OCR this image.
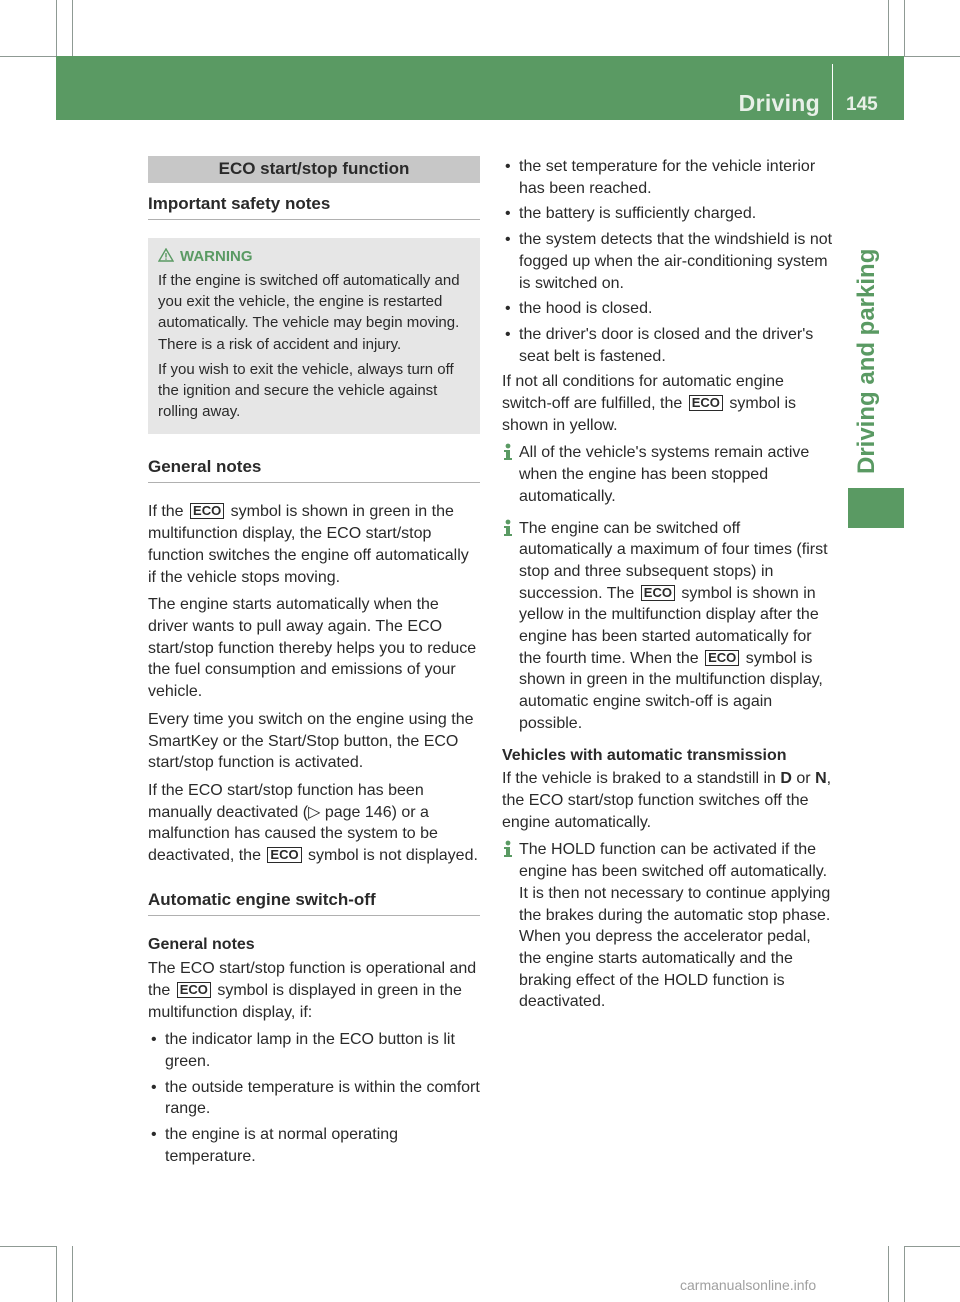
Driving 145
Driving and parking
ECO start/stop function
Important safety notes
WARNING

If the engine is switched off automatically and you exit the vehicle, the engine is restarted automatically. The vehicle may begin moving. There is a risk of accident and injury.

If you wish to exit the vehicle, always turn off the ignition and secure the vehicle against rolling away.

General notes

If the ECO symbol is shown in green in the multifunction display, the ECO start/stop function switches the engine off automatically if the vehicle stops moving.

The engine starts automatically when the driver wants to pull away again. The ECO start/stop function thereby helps you to reduce the fuel consumption and emissions of your vehicle.

Every time you switch on the engine using the SmartKey or the Start/Stop button, the ECO start/stop function is activated.

If the ECO start/stop function has been manually deactivated (▷ page 146) or a malfunction has caused the system to be deactivated, the ECO symbol is not displayed.

Automatic engine switch-off
General notes

The ECO start/stop function is operational and the ECO symbol is displayed in green in the multifunction display, if:

• the indicator lamp in the ECO button is lit green.
• the outside temperature is within the comfort range.
• the engine is at normal operating temperature.
• the set temperature for the vehicle interior has been reached.
• the battery is sufficiently charged.
• the system detects that the windshield is not fogged up when the air-conditioning system is switched on.
• the hood is closed.
• the driver's door is closed and the driver's seat belt is fastened.

If not all conditions for automatic engine switch-off are fulfilled, the ECO symbol is shown in yellow.

All of the vehicle's systems remain active when the engine has been stopped automatically.
The engine can be switched off automatically a maximum of four times (first stop and three subsequent stops) in succession. The ECO symbol is shown in yellow in the multifunction display after the engine has been started automatically for the fourth time. When the ECO symbol is shown in green in the multifunction display, automatic engine switch-off is again possible.
Vehicles with automatic transmission

If the vehicle is braked to a standstill in D or N, the ECO start/stop function switches off the engine automatically.

The HOLD function can be activated if the engine has been switched off automatically. It is then not necessary to continue applying the brakes during the automatic stop phase. When you depress the accelerator pedal, the engine starts automatically and the braking effect of the HOLD function is deactivated.
carmanualsonline.info
